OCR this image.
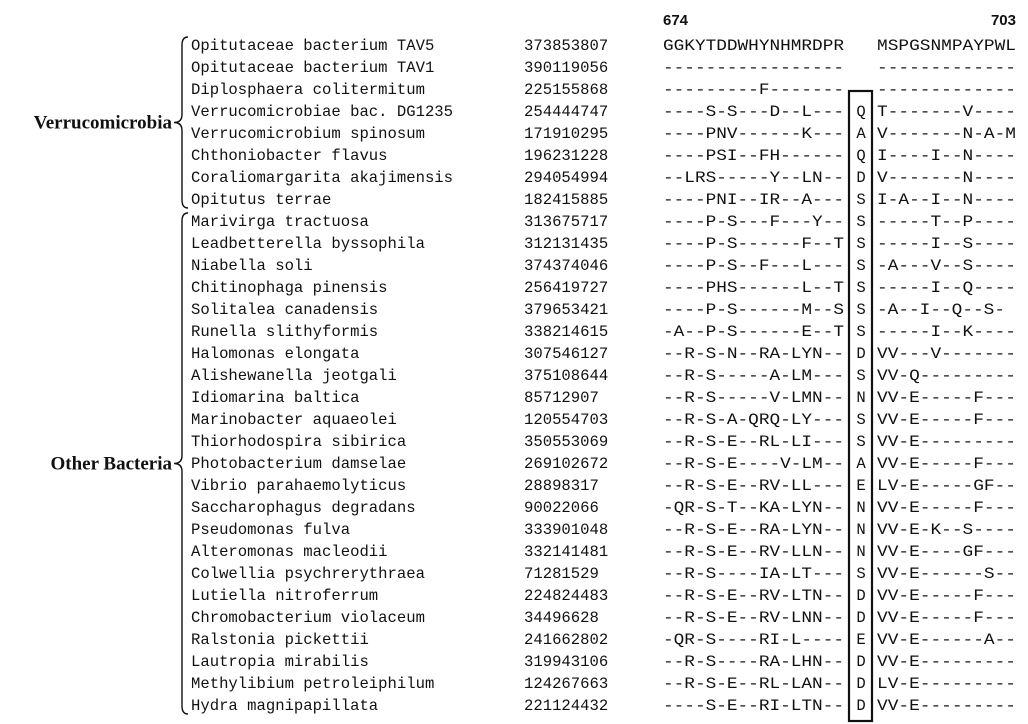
674	703
Opitutaceae bacterium TAV5	373853807	GGKYTDDWHYNHMRDPR MSPGSNMPAYPWL
Opitutaceae bacterium TAV1	390119056	----------------- -------------
Diplosphaera colitermitum	225155868	---------F------- -------------
Verrucomicrobiae bac. DG1235	254444747	----S-S---D--L--- Q T-------V----
Verrucomicrobium spinosum	171910295	----PNV------K--- A V-------N-A-M
Chthoniobacter flavus	196231228	----PSI--FH------ Q I----I--N----
Coraliomargarita akajimensis	294054994	--LRS-----Y--LN-- D V-------N----
Opitutus terrae	182415885	----PNI--IR--A--- S I-A--I--N----
Marivirga tractuosa	313675717	----P-S---F---Y-- S -----T--P----
Leadbetterella byssophila	312131435	----P-S------F--T S -----I--S----
Niabella soli	374374046	----P-S--F---L--- S -A---V--S----
Chitinophaga pinensis	256419727	----PHS------L--T S -----I--Q----
Solitalea canadensis	379653421	----P-S------M--S S -A--I--Q--S-
Runella slithyformis	338214615	-A--P-S------E--T S -----I--K----
Halomonas elongata	307546127	--R-S-N--RA-LYN-- D VV---V-------
Alishewanella jeotgali	375108644	--R-S-----A-LM--- S VV-Q---------
Idiomarina baltica	85712907	--R-S-----V-LMN-- N VV-E-----F---
Marinobacter aquaeolei	120554703	--R-S-A-QRQ-LY--- S VV-E-----F---
Thiorhodospira sibirica	350553069	--R-S-E--RL-LI--- S VV-E---------
Photobacterium damselae	269102672	--R-S-E----V-LM-- A VV-E-----F---
Vibrio parahaemolyticus	28898317	--R-S-E--RV-LL--- E LV-E-----GF--
Saccharophagus degradans	90022066	-QR-S-T--KA-LYN-- N VV-E-----F---
Pseudomonas fulva	333901048	--R-S-E--RA-LYN-- N VV-E-K--S----
Alteromonas macleodii	332141481	--R-S-E--RV-LLN-- N VV-E----GF---
Colwellia psychrerythraea	71281529	--R-S----IA-LT--- S VV-E------S--
Lutiella nitroferrum	224824483	--R-S-E--RV-LTN-- D VV-E-----F---
Chromobacterium violaceum	34496628	--R-S-E--RV-LNN-- D VV-E-----F---
Ralstonia pickettii	241662802	-QR-S----RI-L---- E VV-E------A--
Lautropia mirabilis	319943106	--R-S----RA-LHN-- D VV-E---------
Methylibium petroleiphilum	124267663	--R-S-E--RL-LAN-- D LV-E---------
Hydra magnipapillata	221124432	----S-E--RI-LTN-- D VV-E---------
Verrucomicrobia
Other Bacteria
